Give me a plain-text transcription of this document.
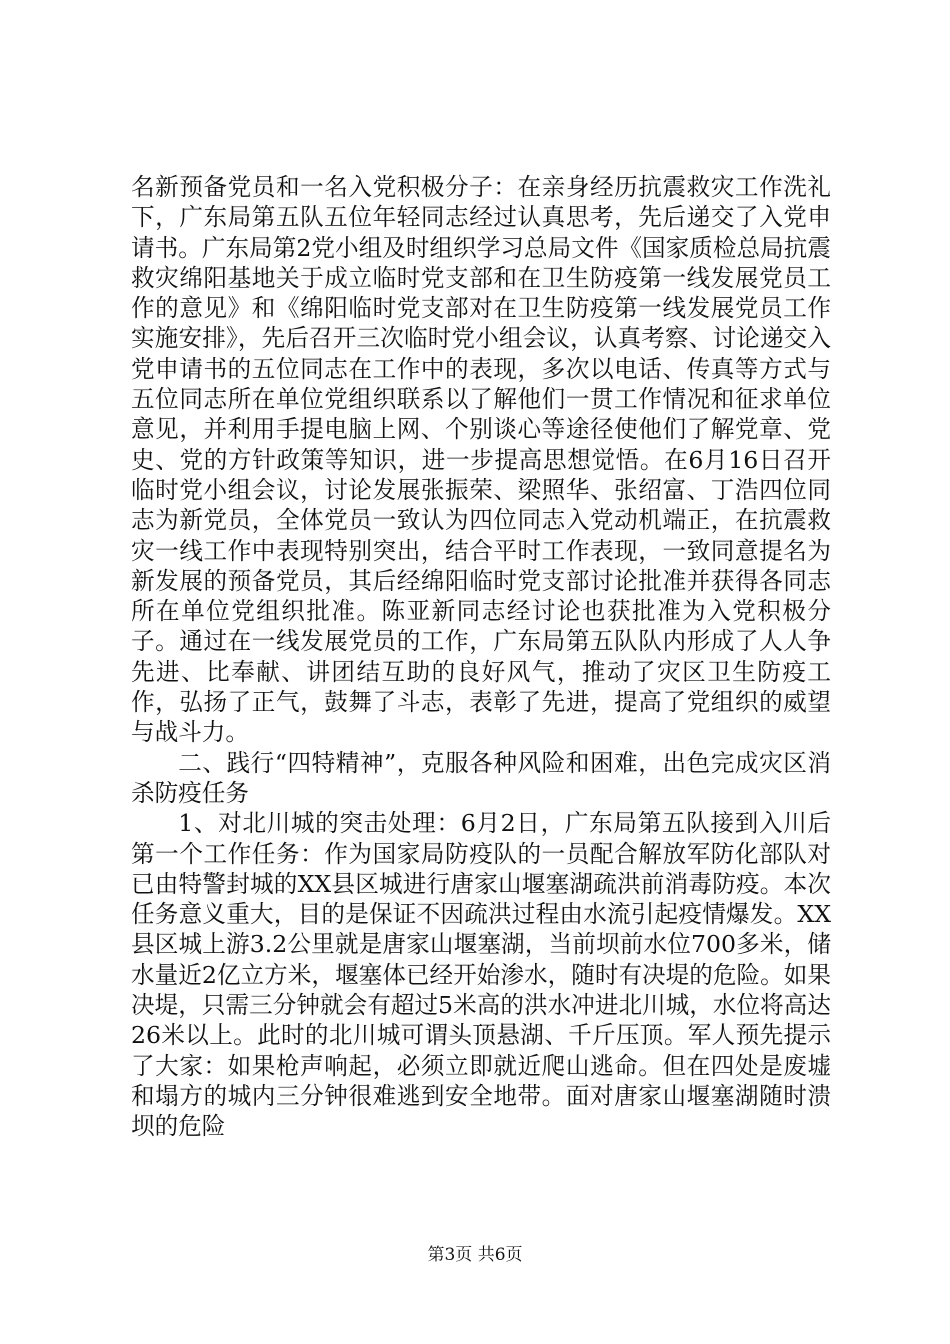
名新预备党员和一名入党积极分子：在亲身经历抗震救灾工作洗礼下，广东局第五队五位年轻同志经过认真思考，先后递交了入党申请书。广东局第2党小组及时组织学习总局文件《国家质检总局抗震救灾绵阳基地关于成立临时党支部和在卫生防疫第一线发展党员工作的意见》和《绵阳临时党支部对在卫生防疫第一线发展党员工作实施安排》，先后召开三次临时党小组会议，认真考察、讨论递交入党申请书的五位同志在工作中的表现，多次以电话、传真等方式与五位同志所在单位党组织联系以了解他们一贯工作情况和征求单位意见，并利用手提电脑上网、个别谈心等途径使他们了解党章、党史、党的方针政策等知识，进一步提高思想觉悟。在6月16日召开临时党小组会议，讨论发展张振荣、梁照华、张绍富、丁浩四位同志为新党员，全体党员一致认为四位同志入党动机端正，在抗震救灾一线工作中表现特别突出，结合平时工作表现，一致同意提名为新发展的预备党员，其后经绵阳临时党支部讨论批准并获得各同志所在单位党组织批准。陈亚新同志经讨论也获批准为入党积极分子。通过在一线发展党员的工作，广东局第五队队内形成了人人争先进、比奉献、讲团结互助的良好风气，推动了灾区卫生防疫工作，弘扬了正气，鼓舞了斗志，表彰了先进，提高了党组织的威望与战斗力。

二、践行“四特精神”，克服各种风险和困难，出色完成灾区消杀防疫任务

1、对北川城的突击处理：6月2日，广东局第五队接到入川后第一个工作任务：作为国家局防疫队的一员配合解放军防化部队对已由特警封城的XX县区城进行唐家山堰塞湖疏洪前消毒防疫。本次任务意义重大，目的是保证不因疏洪过程由水流引起疫情爆发。XX县区城上游3.2公里就是唐家山堰塞湖，当前坝前水位700多米，储水量近2亿立方米，堰塞体已经开始渗水，随时有决堤的危险。如果决堤，只需三分钟就会有超过5米高的洪水冲进北川城，水位将高达26米以上。此时的北川城可谓头顶悬湖、千斤压顶。军人预先提示了大家：如果枪声响起，必须立即就近爬山逃命。但在四处是废墟和塌方的城内三分钟很难逃到安全地带。面对唐家山堰塞湖随时溃坝的危险

第3页 共6页
